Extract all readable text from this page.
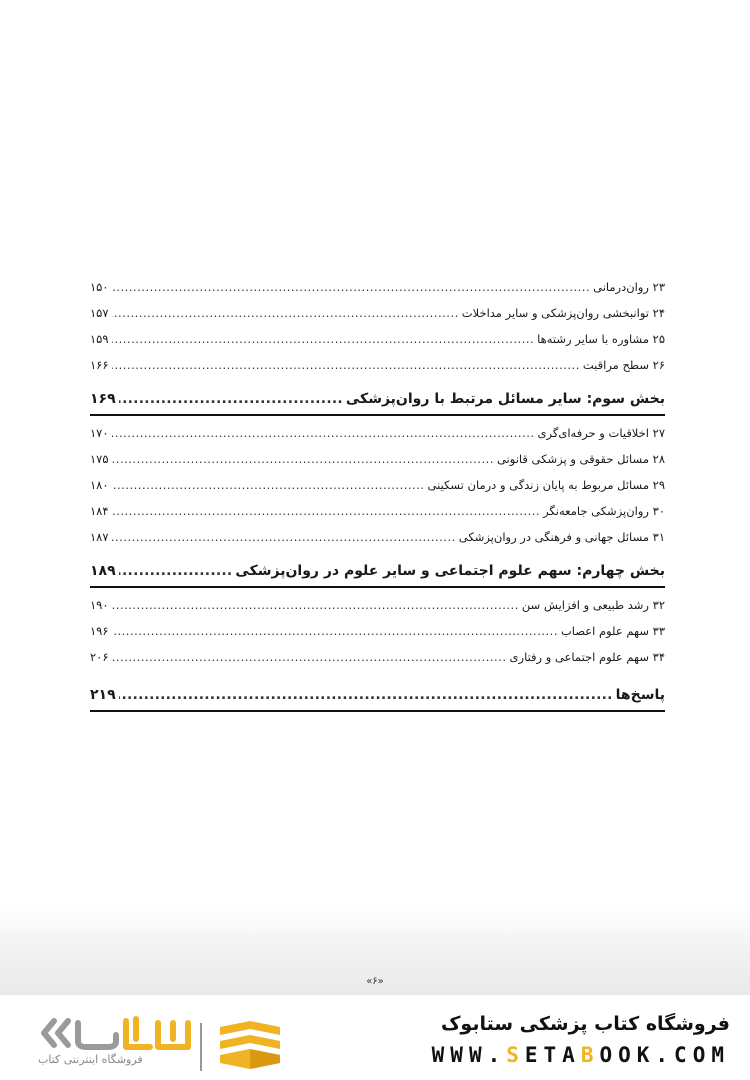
۲۳ روان‌درمانی
.....
۱۵۰
۲۴ توانبخشی روان‌پزشکی و سایر مداخلات
.....
۱۵۷
۲۵ مشاوره با سایر رشته‌ها
.....
۱۵۹
۲۶ سطح مراقبت
.....
۱۶۶
بخش سوم: سایر مسائل مرتبط با روان‌پزشکی
.....
۱۶۹
۲۷ اخلاقیات و حرفه‌ای‌گری
.....
۱۷۰
۲۸ مسائل حقوقی و پزشکی قانونی
.....
۱۷۵
۲۹ مسائل مربوط به پایان زندگی و درمان تسکینی
.....
۱۸۰
۳۰ روان‌پزشکی جامعه‌نگر
.....
۱۸۴
۳۱ مسائل جهانی و فرهنگی در روان‌پزشکی
.....
۱۸۷
بخش چهارم: سهم علوم اجتماعی و سایر علوم در روان‌پزشکی
.....
۱۸۹
۳۲ رشد طبیعی و افزایش سن
.....
۱۹۰
۳۳ سهم علوم اعصاب
.....
۱۹۶
۳۴ سهم علوم اجتماعی و رفتاری
.....
۲۰۶
پاسخ‌ها
.....
۲۱۹
«۶»
فروشگاه کتاب پزشکی ستابوک
WWW.SETABOOK.COM
فروشگاه اینترنتی کتاب
